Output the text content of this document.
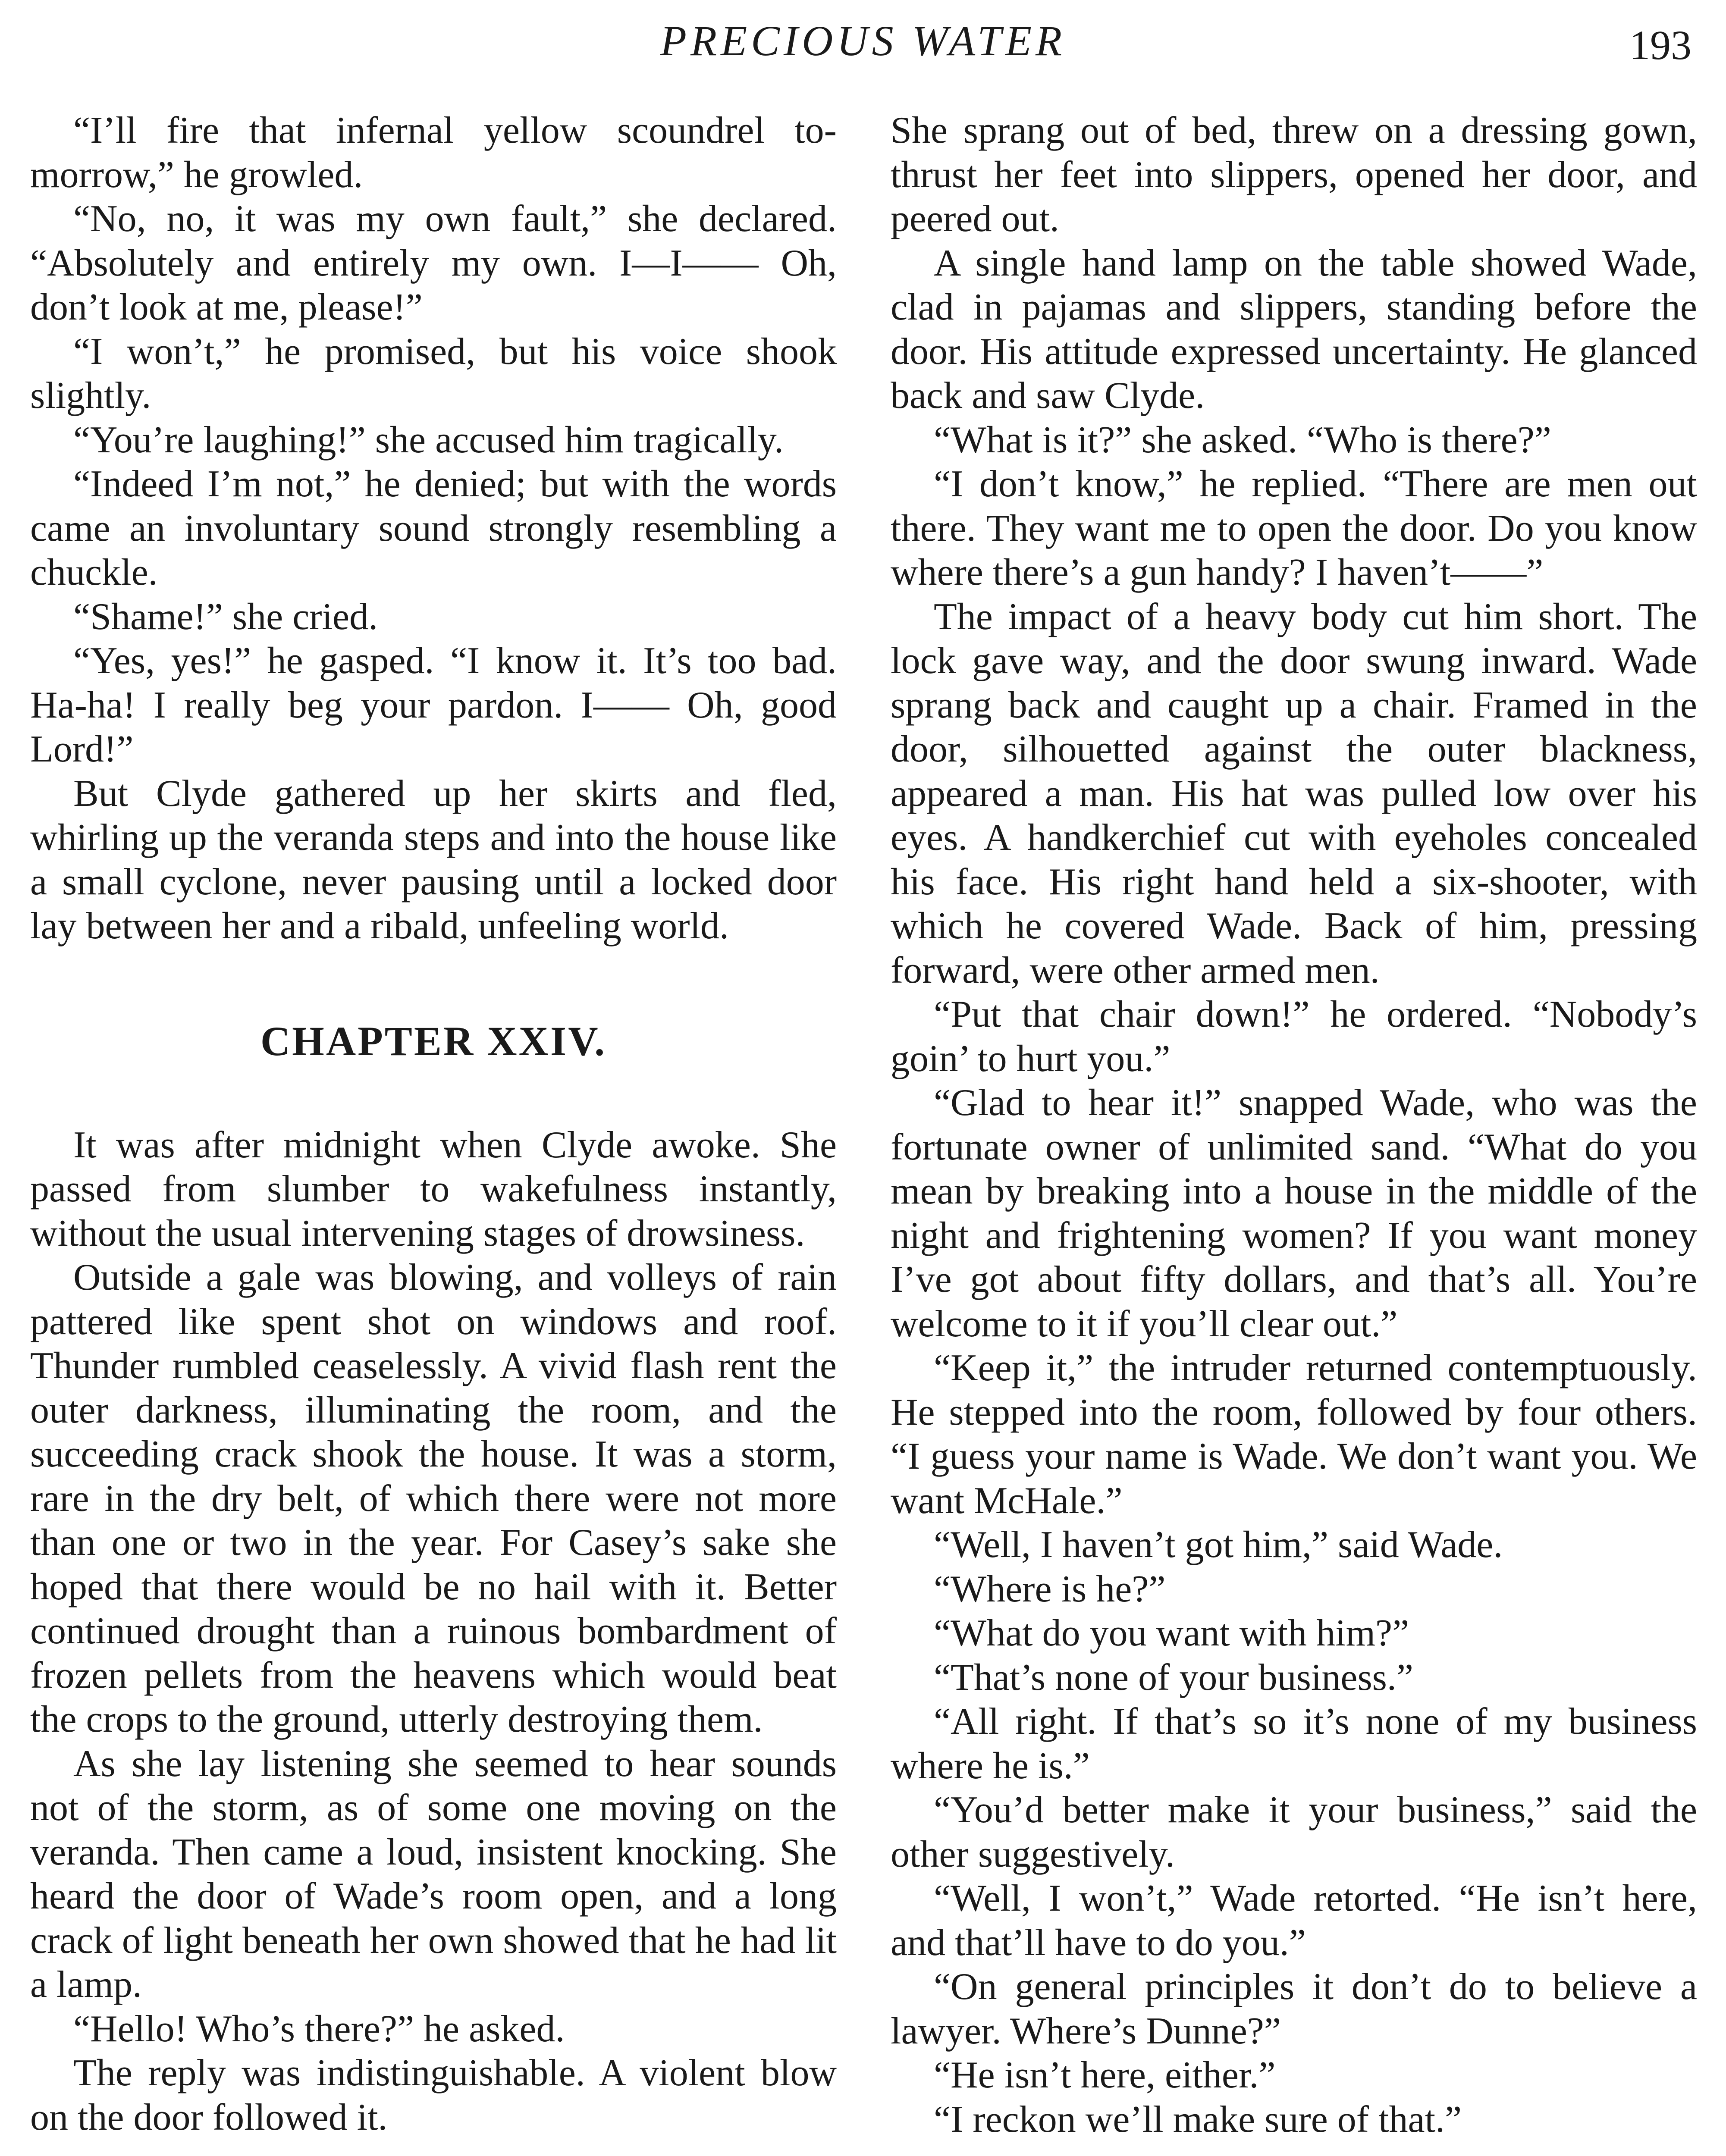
PRECIOUS WATER	193

“I’ll fire that infernal yellow scoundrel to-morrow,” he growled.

“No, no, it was my own fault,” she declared. “Absolutely and entirely my own. I—I—— Oh, don’t look at me, please!”

“I won’t,” he promised, but his voice shook slightly.

“You’re laughing!” she accused him tragically.

“Indeed I’m not,” he denied; but with the words came an involuntary sound strongly resembling a chuckle.

“Shame!” she cried.

“Yes, yes!” he gasped. “I know it. It’s too bad. Ha-ha! I really beg your pardon. I—— Oh, good Lord!”

But Clyde gathered up her skirts and fled, whirling up the veranda steps and into the house like a small cyclone, never pausing until a locked door lay between her and a ribald, unfeeling world.

CHAPTER XXIV.

It was after midnight when Clyde awoke. She passed from slumber to wakefulness instantly, without the usual intervening stages of drowsiness.

Outside a gale was blowing, and volleys of rain pattered like spent shot on windows and roof. Thunder rumbled ceaselessly. A vivid flash rent the outer darkness, illuminating the room, and the succeeding crack shook the house. It was a storm, rare in the dry belt, of which there were not more than one or two in the year. For Casey’s sake she hoped that there would be no hail with it. Better continued drought than a ruinous bombardment of frozen pellets from the heavens which would beat the crops to the ground, utterly destroying them.

As she lay listening she seemed to hear sounds not of the storm, as of some one moving on the veranda. Then came a loud, insistent knocking. She heard the door of Wade’s room open, and a long crack of light beneath her own showed that he had lit a lamp.

“Hello! Who’s there?” he asked.

The reply was indistinguishable. A violent blow on the door followed it.

She sprang out of bed, threw on a dressing gown, thrust her feet into slippers, opened her door, and peered out.

A single hand lamp on the table showed Wade, clad in pajamas and slippers, standing before the door. His attitude expressed uncertainty. He glanced back and saw Clyde.

“What is it?” she asked. “Who is there?”

“I don’t know,” he replied. “There are men out there. They want me to open the door. Do you know where there’s a gun handy? I haven’t——”

The impact of a heavy body cut him short. The lock gave way, and the door swung inward. Wade sprang back and caught up a chair. Framed in the door, silhouetted against the outer blackness, appeared a man. His hat was pulled low over his eyes. A handkerchief cut with eyeholes concealed his face. His right hand held a six-shooter, with which he covered Wade. Back of him, pressing forward, were other armed men.

“Put that chair down!” he ordered. “Nobody’s goin’ to hurt you.”

“Glad to hear it!” snapped Wade, who was the fortunate owner of unlimited sand. “What do you mean by breaking into a house in the middle of the night and frightening women? If you want money I’ve got about fifty dollars, and that’s all. You’re welcome to it if you’ll clear out.”

“Keep it,” the intruder returned contemptuously. He stepped into the room, followed by four others. “I guess your name is Wade. We don’t want you. We want McHale.”

“Well, I haven’t got him,” said Wade.

“Where is he?”

“What do you want with him?”

“That’s none of your business.”

“All right. If that’s so it’s none of my business where he is.”

“You’d better make it your business,” said the other suggestively.

“Well, I won’t,” Wade retorted. “He isn’t here, and that’ll have to do you.”

“On general principles it don’t do to believe a lawyer. Where’s Dunne?”

“He isn’t here, either.”

“I reckon we’ll make sure of that.”
